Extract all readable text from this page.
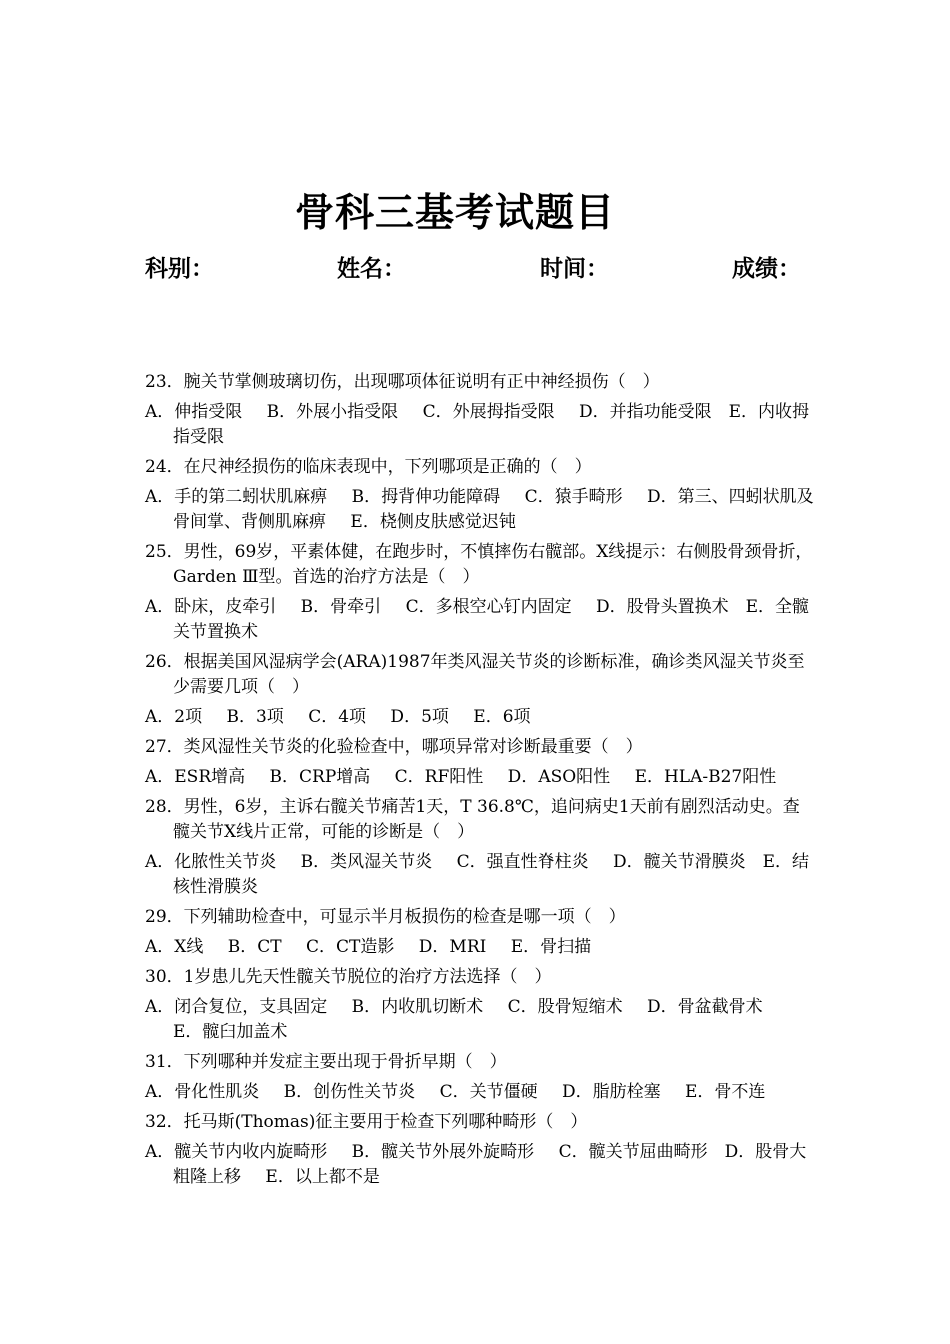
骨科三基考试题目
科别：	姓名：	时间：	成绩：

23．腕关节掌侧玻璃切伤，出现哪项体征说明有正中神经损伤（　）

A．伸指受限　 B．外展小指受限　 C．外展拇指受限　 D．并指功能受限　E．内收拇指受限

24．在尺神经损伤的临床表现中，下列哪项是正确的（　）

A．手的第二蚓状肌麻痹　 B．拇背伸功能障碍　 C．猿手畸形　 D．第三、四蚓状肌及骨间掌、背侧肌麻痹　 E．桡侧皮肤感觉迟钝

25．男性，69岁，平素体健，在跑步时，不慎摔伤右髋部。X线提示：右侧股骨颈骨折，Garden Ⅲ型。首选的治疗方法是（　）

A．卧床，皮牵引　 B．骨牵引　 C．多根空心钉内固定　 D．股骨头置换术　E．全髋关节置换术

26．根据美国风湿病学会(ARA)1987年类风湿关节炎的诊断标准，确诊类风湿关节炎至少需要几项（　）

A．2项　 B．3项　 C．4项　 D．5项　 E．6项

27．类风湿性关节炎的化验检查中，哪项异常对诊断最重要（　）

A．ESR增高　 B．CRP增高　 C．RF阳性　 D．ASO阳性　 E．HLA-B27阳性

28．男性，6岁，主诉右髋关节痛苦1天，T 36.8℃，追问病史1天前有剧烈活动史。查髋关节X线片正常，可能的诊断是（　）

A．化脓性关节炎　 B．类风湿关节炎　 C．强直性脊柱炎　 D．髋关节滑膜炎　E．结核性滑膜炎

29．下列辅助检查中，可显示半月板损伤的检查是哪一项（　）

A．X线　 B．CT　 C．CT造影　 D．MRI　 E．骨扫描

30．1岁患儿先天性髋关节脱位的治疗方法选择（　）

A．闭合复位，支具固定　 B．内收肌切断术　 C．股骨短缩术　 D．骨盆截骨术　 E．髋臼加盖术

31．下列哪种并发症主要出现于骨折早期（　）

A．骨化性肌炎　 B．创伤性关节炎　 C．关节僵硬　 D．脂肪栓塞　 E．骨不连

32．托马斯(Thomas)征主要用于检查下列哪种畸形（　）

A．髋关节内收内旋畸形　 B．髋关节外展外旋畸形　 C．髋关节屈曲畸形　D．股骨大粗隆上移　 E．以上都不是
